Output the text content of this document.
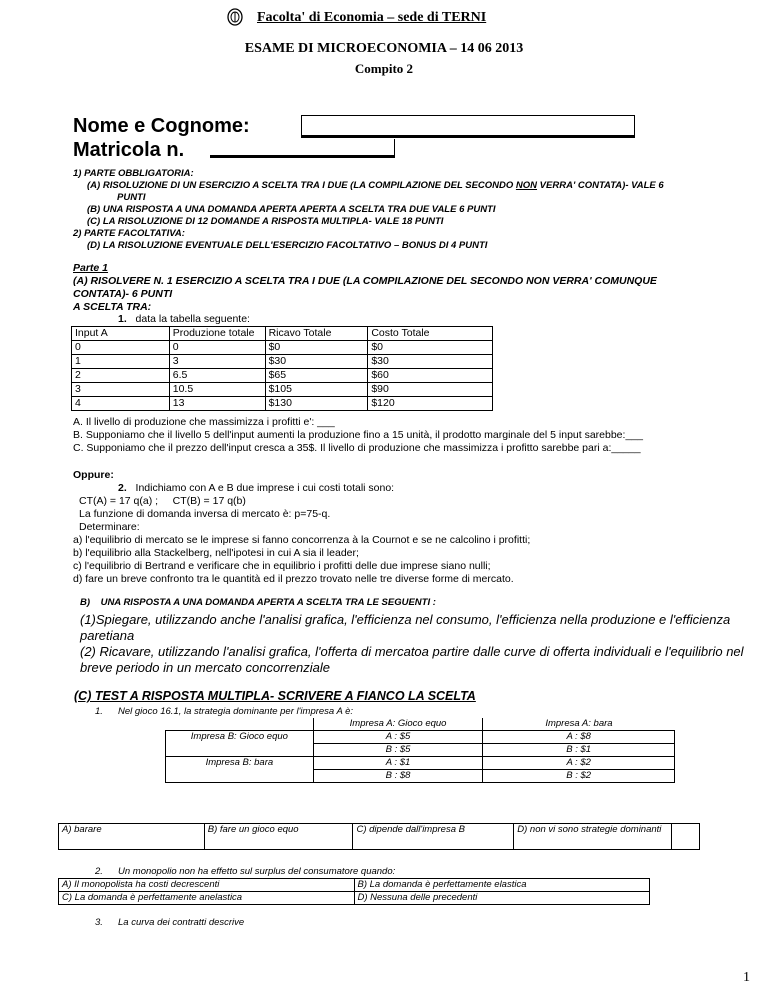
Facolta' di Economia – sede di TERNI
ESAME DI MICROECONOMIA – 14 06 2013
Compito 2
Nome e Cognome:
Matricola n.
1) PARTE OBBLIGATORIA:
(A) RISOLUZIONE DI UN ESERCIZIO A SCELTA TRA I DUE (LA COMPILAZIONE DEL SECONDO NON VERRA' CONTATA)- VALE 6
PUNTI
(B) UNA RISPOSTA A UNA DOMANDA APERTA APERTA A SCELTA TRA DUE VALE 6 PUNTI
(C) LA RISOLUZIONE DI 12 DOMANDE A RISPOSTA MULTIPLA- VALE 18 PUNTI
2) PARTE FACOLTATIVA:
(D) LA RISOLUZIONE EVENTUALE DELL'ESERCIZIO FACOLTATIVO – BONUS DI 4 PUNTI
Parte 1
(A) RISOLVERE N. 1 ESERCIZIO A SCELTA TRA I DUE (LA COMPILAZIONE DEL SECONDO NON VERRA' COMUNQUE
CONTATA)- 6 PUNTI
A SCELTA TRA:
1. data la tabella seguente:
Input A	Produzione totale	Ricavo Totale	Costo Totale
0	0	$0	$0
1	3	$30	$30
2	6.5	$65	$60
3	10.5	$105	$90
4	13	$130	$120
A. Il livello di produzione che massimizza i profitti e': ___
B. Supponiamo che il livello 5 dell'input aumenti la produzione fino a 15 unità, il prodotto marginale del 5 input sarebbe:___
C. Supponiamo che il prezzo dell'input cresca a 35$. Il livello di produzione che massimizza i profitto sarebbe pari a:_____
Oppure:
2. Indichiamo con A e B due imprese i cui costi totali sono:
CT(A) = 17 q(a) ;     CT(B) = 17 q(b)
La funzione di domanda inversa di mercato è: p=75-q.
Determinare:
a) l'equilibrio di mercato se le imprese si fanno concorrenza à la Cournot e se ne calcolino i profitti;
b) l'equilibrio alla Stackelberg, nell'ipotesi in cui A sia il leader;
c) l'equilibrio di Bertrand e verificare che in equilibrio i profitti delle due imprese siano nulli;
d) fare un breve confronto tra le quantità ed il prezzo trovato nelle tre diverse forme di mercato.
B)    UNA RISPOSTA A UNA DOMANDA APERTA A SCELTA TRA LE SEGUENTI :
(1)Spiegare, utilizzando anche l'analisi grafica, l'efficienza nel consumo, l'efficienza nella produzione e l'efficienza
paretiana
(2) Ricavare, utilizzando l'analisi grafica, l'offerta di mercatoa partire dalle curve di offerta individuali e l'equilibrio nel
breve periodo in un mercato concorrenziale
(C) TEST A RISPOSTA MULTIPLA- SCRIVERE A FIANCO LA SCELTA
1. Nel gioco 16.1, la strategia dominante per l'impresa A è:
	Impresa A: Gioco equo	Impresa A: bara
Impresa B: Gioco equo	A : $5	A : $8
	B : $5	B : $1
Impresa B: bara	A : $1	A : $2
	B : $8	B : $2
A) barare	B) fare un gioco equo	C) dipende dall'impresa B	D) non vi sono strategie dominanti	
2. Un monopolio non ha effetto sul surplus del consumatore quando:
A) Il monopolista ha costi decrescenti	B) La domanda è perfettamente elastica
C) La domanda è perfettamente anelastica	D) Nessuna delle precedenti
3. La curva dei contratti descrive
1
